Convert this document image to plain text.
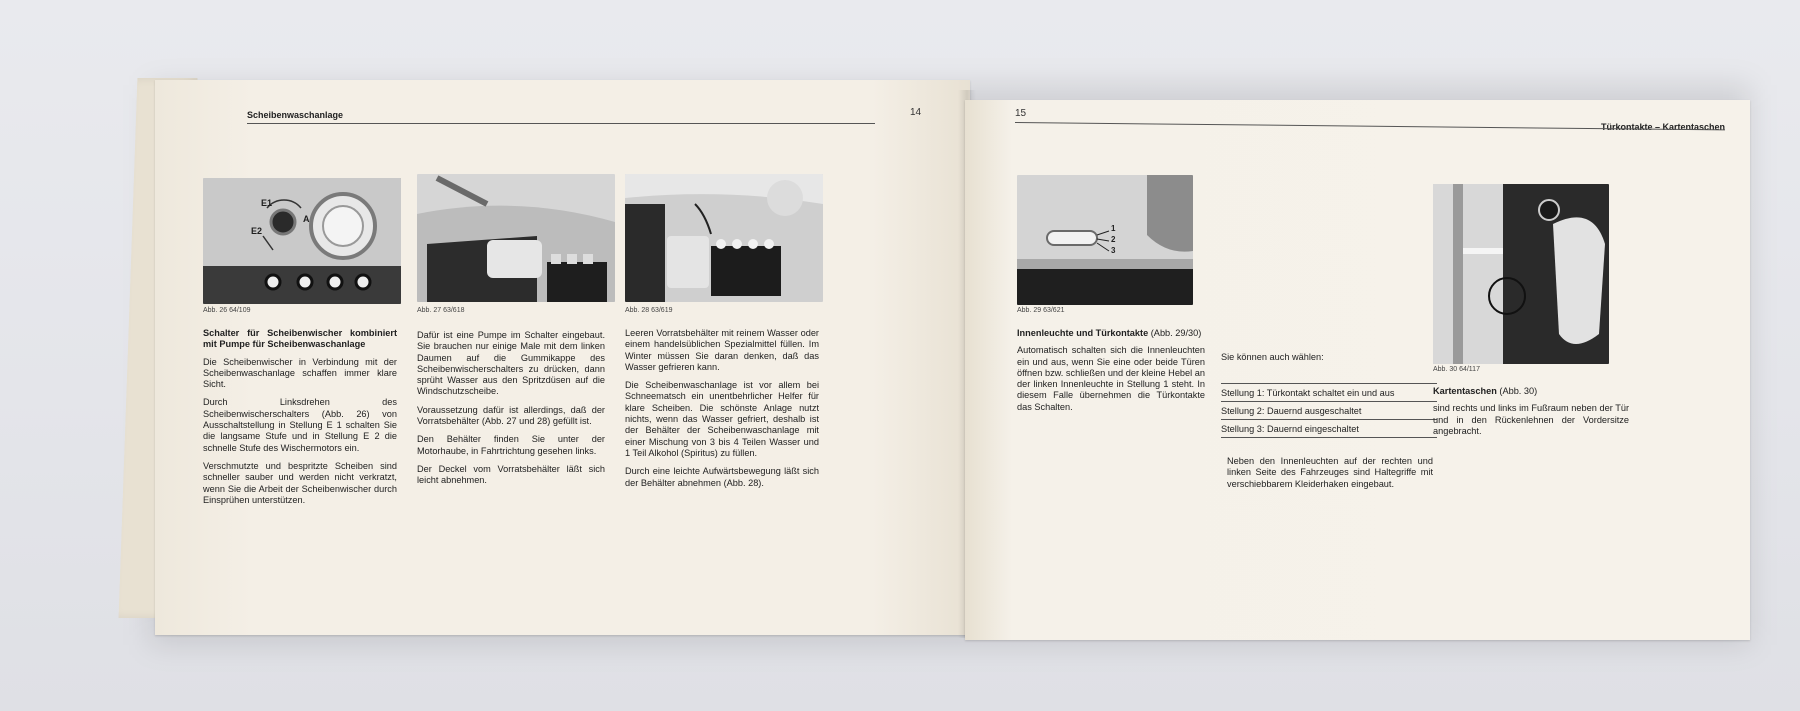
Scheibenwaschanlage	14
E1
E2
A
Abb. 26 64/109	Abb. 27 63/618	Abb. 28 63/619

Schalter für Scheibenwischer kombiniert mit Pumpe für Scheibenwaschanlage

Die Scheibenwischer in Verbindung mit der Scheibenwaschanlage schaffen immer klare Sicht.

Durch Linksdrehen des Scheibenwischerschalters (Abb. 26) von Ausschaltstellung in Stellung E 1 schalten Sie die langsame Stufe und in Stellung E 2 die schnelle Stufe des Wischermotors ein.

Verschmutzte und bespritzte Scheiben sind schneller sauber und werden nicht verkratzt, wenn Sie die Arbeit der Scheibenwischer durch Einsprühen unterstützen.

Dafür ist eine Pumpe im Schalter eingebaut. Sie brauchen nur einige Male mit dem linken Daumen auf die Gummikappe des Scheibenwischerschalters zu drücken, dann sprüht Wasser aus den Spritzdüsen auf die Windschutzscheibe.

Voraussetzung dafür ist allerdings, daß der Vorratsbehälter (Abb. 27 und 28) gefüllt ist.

Den Behälter finden Sie unter der Motorhaube, in Fahrtrichtung gesehen links.

Der Deckel vom Vorratsbehälter läßt sich leicht abnehmen.

Leeren Vorratsbehälter mit reinem Wasser oder einem handelsüblichen Spezialmittel füllen. Im Winter müssen Sie daran denken, daß das Wasser gefrieren kann.

Die Scheibenwaschanlage ist vor allem bei Schneematsch ein unentbehrlicher Helfer für klare Scheiben. Die schönste Anlage nutzt nichts, wenn das Wasser gefriert, deshalb ist der Behälter der Scheibenwaschanlage mit einer Mischung von 3 bis 4 Teilen Wasser und 1 Teil Alkohol (Spiritus) zu füllen.

Durch eine leichte Aufwärtsbewegung läßt sich der Behälter abnehmen (Abb. 28).

15
Türkontakte – Kartentaschen
1
2
3
Abb. 29 63/621
Abb. 30 64/117

Innenleuchte und Türkontakte (Abb. 29/30)

Automatisch schalten sich die Innenleuchten ein und aus, wenn Sie eine oder beide Türen öffnen bzw. schließen und der kleine Hebel an der linken Innenleuchte in Stellung 1 steht. In diesem Falle übernehmen die Türkontakte das Schalten.

Sie können auch wählen:

Stellung 1: Türkontakt schaltet ein und aus
Stellung 2: Dauernd ausgeschaltet
Stellung 3: Dauernd eingeschaltet

Neben den Innenleuchten auf der rechten und linken Seite des Fahrzeuges sind Haltegriffe mit verschiebbarem Kleiderhaken eingebaut.

Kartentaschen (Abb. 30)

sind rechts und links im Fußraum neben der Tür und in den Rückenlehnen der Vordersitze angebracht.
